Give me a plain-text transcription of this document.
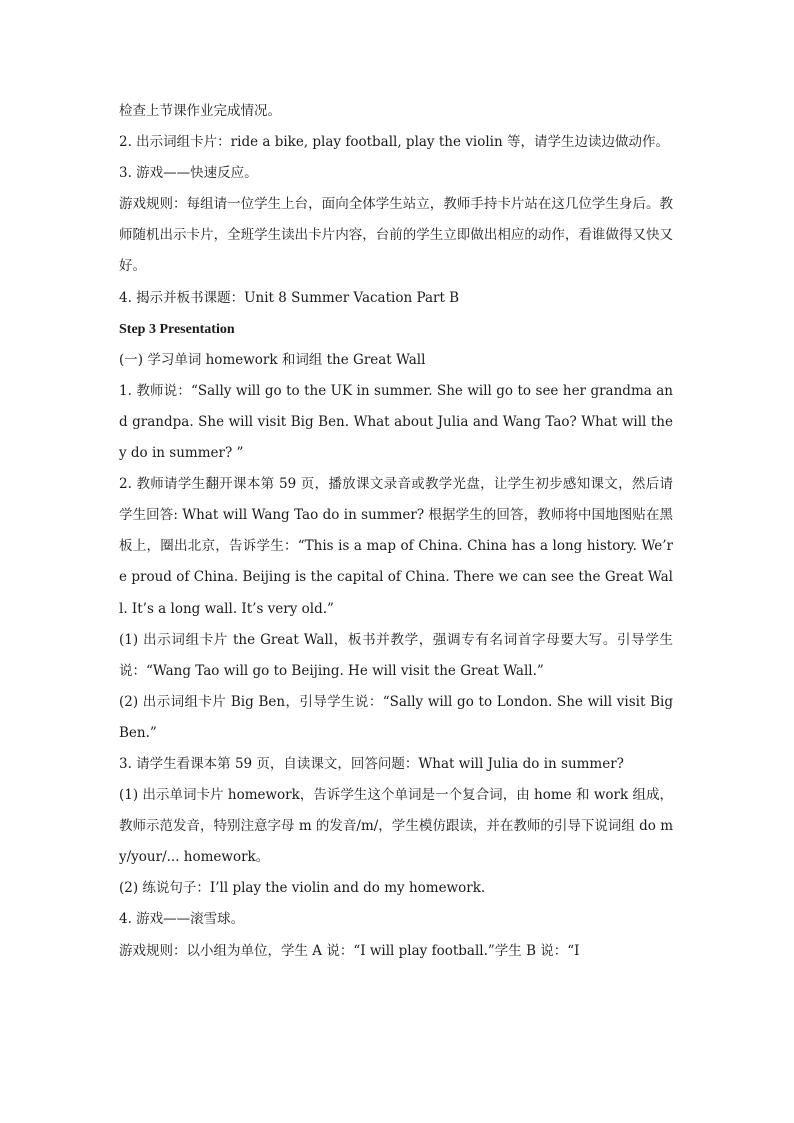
检查上节课作业完成情况。

2. 出示词组卡片：ride a bike, play football, play the violin 等，请学生边读边做动作。

3. 游戏——快速反应。

游戏规则：每组请一位学生上台，面向全体学生站立，教师手持卡片站在这几位学生身后。教师随机出示卡片，全班学生读出卡片内容，台前的学生立即做出相应的动作，看谁做得又快又好。

4. 揭示并板书课题：Unit 8 Summer Vacation Part B

Step 3 Presentation

(一) 学习单词 homework 和词组 the Great Wall

1. 教师说：“Sally will go to the UK in summer. She will go to see her grandma and grandpa. She will visit Big Ben. What about Julia and Wang Tao? What will they do in summer? ”

2. 教师请学生翻开课本第 59 页，播放课文录音或教学光盘，让学生初步感知课文，然后请学生回答: What will Wang Tao do in summer? 根据学生的回答，教师将中国地图贴在黑板上，圈出北京，告诉学生：“This is a map of China. China has a long history. We’re proud of China. Beijing is the capital of China. There we can see the Great Wall. It’s a long wall. It’s very old.”

(1) 出示词组卡片 the Great Wall，板书并教学，强调专有名词首字母要大写。引导学生说：“Wang Tao will go to Beijing. He will visit the Great Wall.”

(2) 出示词组卡片 Big Ben，引导学生说：“Sally will go to London. She will visit Big Ben.”

3. 请学生看课本第 59 页，自读课文，回答问题：What will Julia do in summer?

(1) 出示单词卡片 homework，告诉学生这个单词是一个复合词，由 home 和 work 组成，教师示范发音，特别注意字母 m 的发音/m/，学生模仿跟读，并在教师的引导下说词组 do my/your/... homework。

(2) 练说句子：I’ll play the violin and do my homework.

4. 游戏——滚雪球。

游戏规则：以小组为单位，学生 A 说：“I will play football.”学生 B 说：“I
